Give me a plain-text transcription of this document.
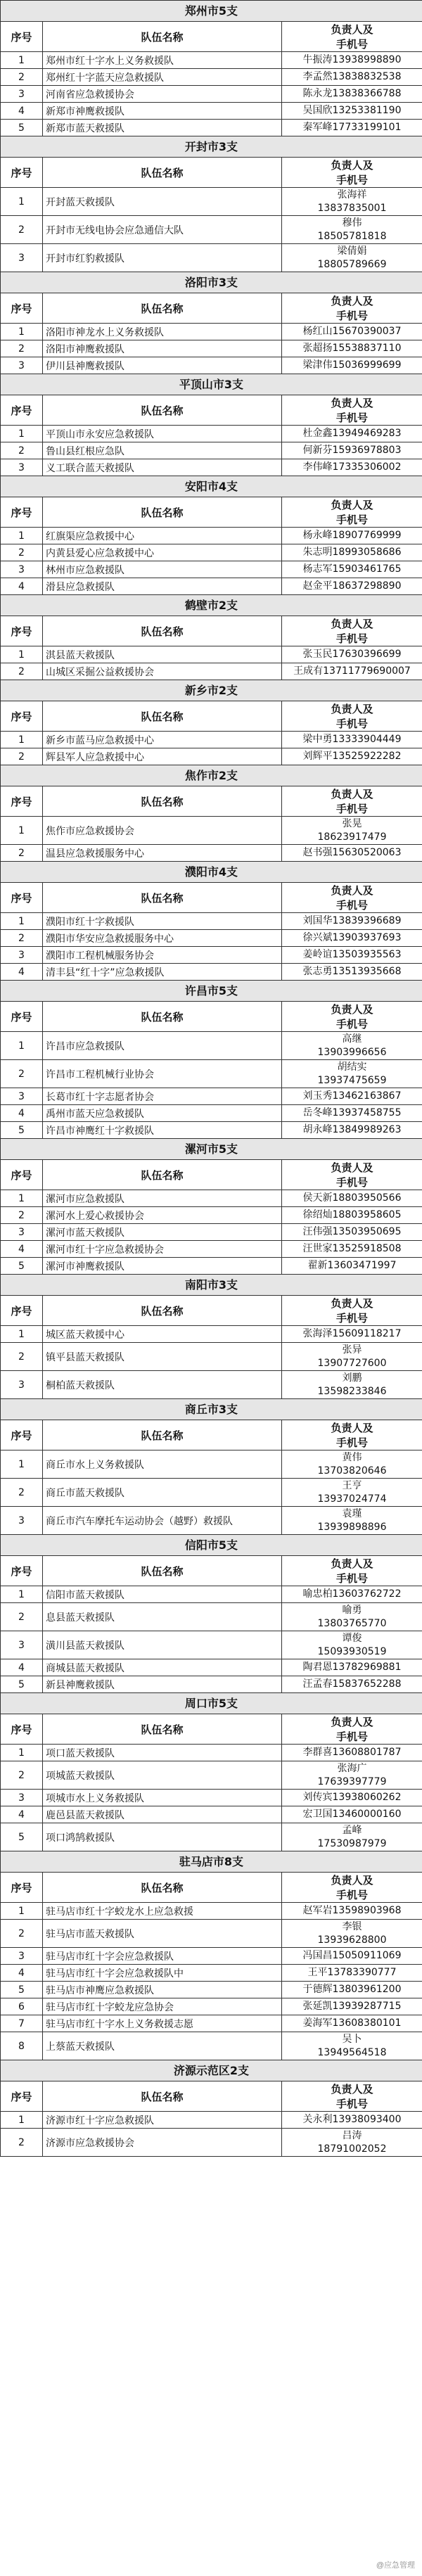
郑州市5支		
序号	队伍名称	负责人及
手机号

1	郑州市红十字水上义务救援队	牛振涛13938998890

2	郑州红十字蓝天应急救援队	李孟然13838832538

3	河南省应急救援协会	陈永龙13838366788

4	新郑市神鹰救援队	吴国欣13253381190

5	新郑市蓝天救援队	秦军峰17733199101

开封市3支		
序号	队伍名称	负责人及
手机号

1	开封蓝天救援队	张海祥
13837835001

2	开封市无线电协会应急通信大队	穆伟
18505781818

3	开封市红豹救援队	梁倩娟
18805789669

洛阳市3支		
序号	队伍名称	负责人及
手机号

1	洛阳市神龙水上义务救援队	杨红山15670390037

2	洛阳市神鹰救援队	张超扬15538837110

3	伊川县神鹰救援队	梁津伟15036999699

平顶山市3支		
序号	队伍名称	负责人及
手机号

1	平顶山市永安应急救援队	杜金鑫13949469283

2	鲁山县红根应急队	何新芬15936978803

3	义工联合蓝天救援队	李伟峰17335306002

安阳市4支		
序号	队伍名称	负责人及
手机号

1	红旗渠应急救援中心	杨永峰18907769999

2	内黄县爱心应急救援中心	朱志明18993058686

3	林州市应急救援队	杨志军15903461765

4	滑县应急救援队	赵金平18637298890

鹤壁市2支		
序号	队伍名称	负责人及
手机号

1	淇县蓝天救援队	张玉民17630396699

2	山城区采掘公益救援协会	王成有13711779690007

新乡市2支		
序号	队伍名称	负责人及
手机号

1	新乡市蓝马应急救援中心	梁中勇13333904449

2	辉县军人应急救援中心	刘辉平13525922282

焦作市2支		
序号	队伍名称	负责人及
手机号

1	焦作市应急救援协会	张晃
18623917479

2	温县应急救援服务中心	赵书强15630520063

濮阳市4支		
序号	队伍名称	负责人及
手机号

1	濮阳市红十字救援队	刘国华13839396689

2	濮阳市华安应急救援服务中心	徐兴斌13903937693

3	濮阳市工程机械服务协会	姜岭谊13503935563

4	清丰县“红十字”应急救援队	张志勇13513935668

许昌市5支		
序号	队伍名称	负责人及
手机号

1	许昌市应急救援队	高继
13903996656

2	许昌市工程机械行业协会	胡结实
13937475659

3	长葛市红十字志愿者协会	刘玉秀13462163867

4	禹州市蓝天应急救援队	岳冬峰13937458755

5	许昌市神鹰红十字救援队	胡永峰13849989263

漯河市5支		
序号	队伍名称	负责人及
手机号

1	漯河市应急救援队	侯天新18803950566

2	漯河水上爱心救援协会	徐绍灿18803958605

3	漯河市蓝天救援队	汪伟强13503950695

4	漯河市红十字应急救援协会	汪世家13525918508

5	漯河市神鹰救援队	翟新13603471997

南阳市3支		
序号	队伍名称	负责人及
手机号

1	城区蓝天救援中心	张海泽15609118217

2	镇平县蓝天救援队	张异
13907727600

3	桐柏蓝天救援队	刘鹏
13598233846

商丘市3支		
序号	队伍名称	负责人及
手机号

1	商丘市水上义务救援队	黄伟
13703820646

2	商丘市蓝天救援队	王亨
13937024774

3	商丘市汽车摩托车运动协会（越野）救援队	袁瑾
13939898896

信阳市5支		
序号	队伍名称	负责人及
手机号

1	信阳市蓝天救援队	喻忠柏13603762722

2	息县蓝天救援队	喻勇
13803765770

3	潢川县蓝天救援队	谭俊
15093930519

4	商城县蓝天救援队	陶君恩13782969881

5	新县神鹰救援队	汪孟春15837652288

周口市5支		
序号	队伍名称	负责人及
手机号

1	项口蓝天救援队	李群喜13608801787

2	项城蓝天救援队	张海广
17639397779

3	项城市水上义务救援队	刘传宾13938060262

4	鹿邑县蓝天救援队	宏卫国13460000160

5	项口鸿鹄救援队	孟峰
17530987979

驻马店市8支		
序号	队伍名称	负责人及
手机号

1	驻马店市红十字蛟龙水上应急救援	赵军岩13598903968

2	驻马店市蓝天救援队	李银
13939628800

3	驻马店市红十字会应急救援队	冯国昌15050911069

4	驻马店市红十字会应急救援队中	王平13783390777

5	驻马店市神鹰应急救援队	于德辉13803961200

6	驻马店市红十字蛟龙应急协会	张延凯13939287715

7	驻马店市红十字水上义务救援志愿	姜海军13608380101

8	上蔡蓝天救援队	吴卜
13949564518

济源示范区2支		
序号	队伍名称	负责人及
手机号

1	济源市红十字应急救援队	关永利13938093400

2	济源市应急救援协会	吕涛
18791002052
@应急管理
